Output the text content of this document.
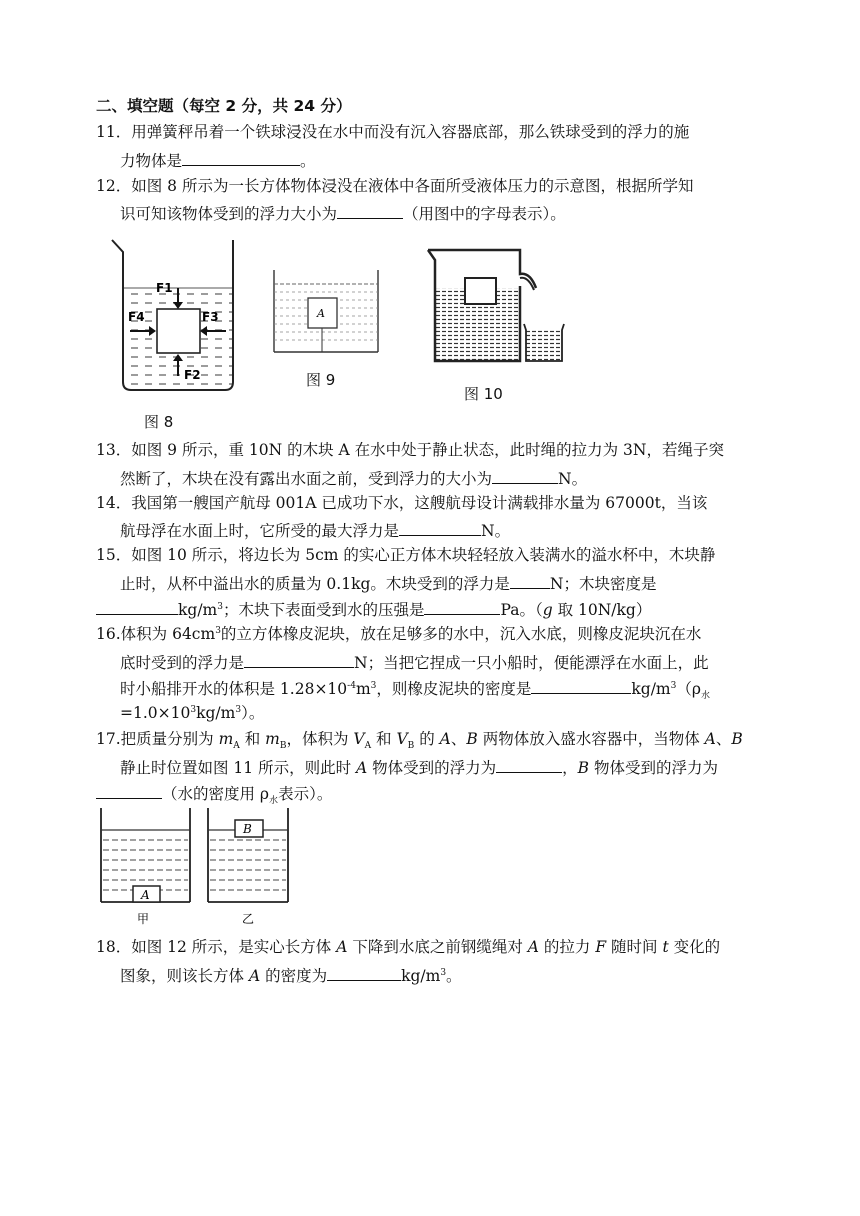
二、填空题（每空 2 分，共 24 分）
11．用弹簧秤吊着一个铁球浸没在水中而没有沉入容器底部，那么铁球受到的浮力的施
力物体是	。
12．如图 8 所示为一长方体物体浸没在液体中各面所受液体压力的示意图，根据所学知
识可知该物体受到的浮力大小为	（用图中的字母表示）。
F1
F2
F3
F4
图 8
A
图 9
图 10
13．如图 9 所示，重 10N 的木块 A 在水中处于静止状态，此时绳的拉力为 3N，若绳子突
然断了，木块在没有露出水面之前，受到浮力的大小为	N。
14．我国第一艘国产航母 001A 已成功下水，这艘航母设计满载排水量为 67000t，当该
航母浮在水面上时，它所受的最大浮力是	N。
15．如图 10 所示，将边长为 5cm 的实心正方体木块轻轻放入装满水的溢水杯中，木块静
止时，从杯中溢出水的质量为 0.1kg。木块受到的浮力是	N；木块密度是
$kg/m^3$；木块下表面受到水的压强是	Pa。（g 取 10N/kg）
16.体积为 $64cm^3$的立方体橡皮泥块，放在足够多的水中，沉入水底，则橡皮泥块沉在水
底时受到的浮力是	N；当把它捏成一只小船时，便能漂浮在水面上，此
时小船排开水的体积是 $1.28\times 10^{-4}m^3$，则橡皮泥块的密度是	$kg/m^3(\rho_水$
$=1.0\times 10^3kg/m^3$）。
17.把质量分别为 $m_A$ 和 $m_B$，体积为 $V_A$ 和 $V_B$ 的 A、B 两物体放入盛水容器中，当物体 A、B
静止时位置如图 11 所示，则此时 A 物体受到的浮力为	，B 物体受到的浮力为
（水的密度用 $\rho_水$表示）。
A
甲
B
乙
18．如图 12 所示，是实心长方体 A 下降到水底之前钢缆绳对 A 的拉力 F 随时间 t 变化的
图象，则该长方体 A 的密度为	$kg/m^3$。
